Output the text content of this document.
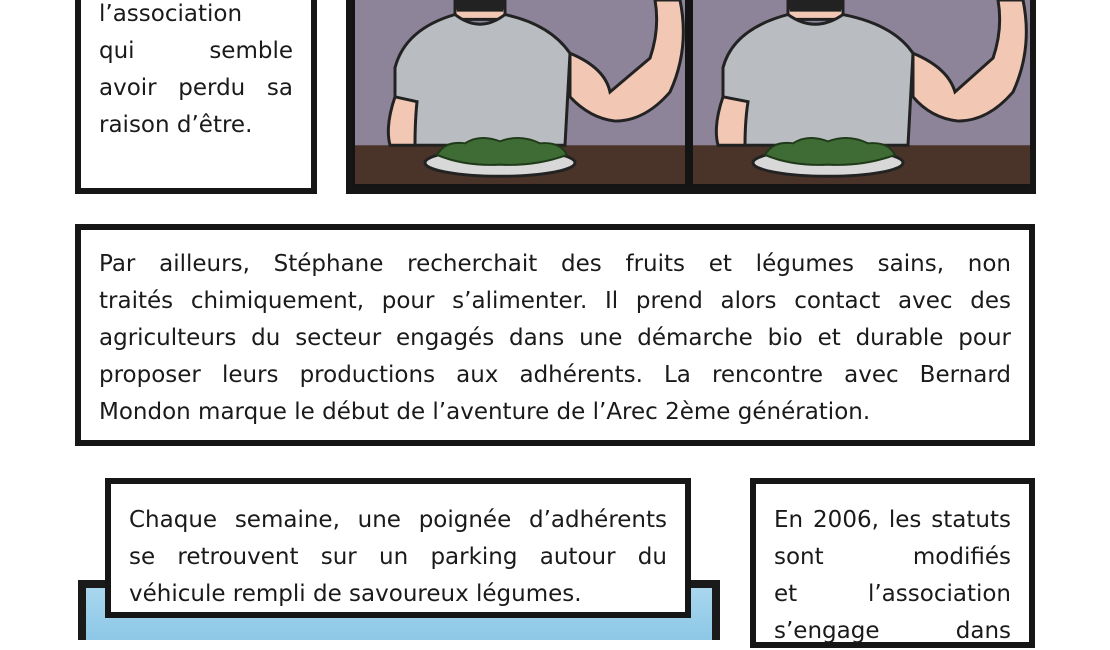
l’association
qui semble
avoir perdu sa
raison d’être.

Par ailleurs, Stéphane recherchait des fruits et légumes sains, non
traités chimiquement, pour s’alimenter. Il prend alors contact avec des
agriculteurs du secteur engagés dans une démarche bio et durable pour
proposer leurs productions aux adhérents. La rencontre avec Bernard
Mondon marque le début de l’aventure de l’Arec 2ème génération.

Chaque semaine, une poignée d’adhérents
se retrouvent sur un parking autour du
véhicule rempli de savoureux légumes.

En 2006, les statuts
sont modifiés
et l’association
s’engage dans
